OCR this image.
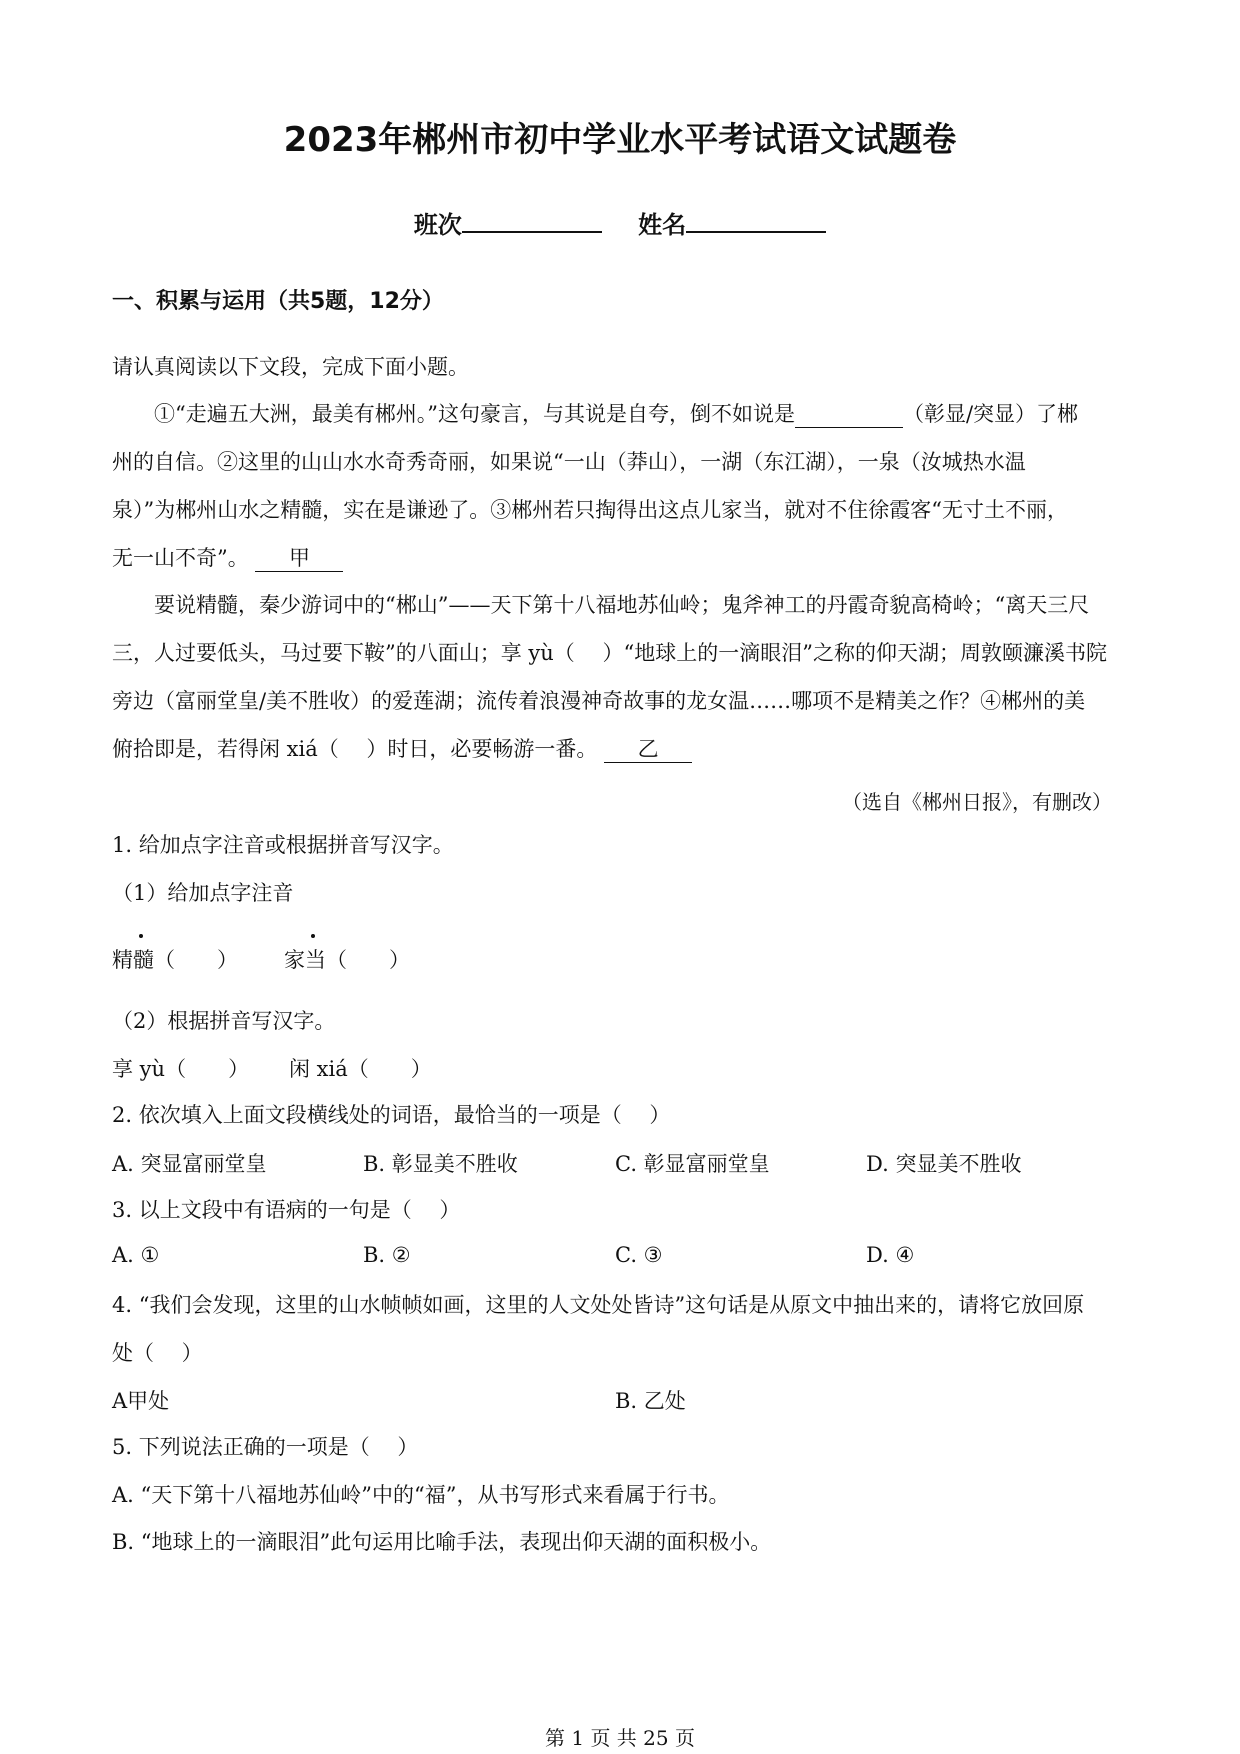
2023年郴州市初中学业水平考试语文试题卷
班次	姓名
一、积累与运用（共5题，12分）
请认真阅读以下文段，完成下面小题。
①“走遍五大洲，最美有郴州。”这句豪言，与其说是自夸，倒不如说是	（彰显/突显）了郴
州的自信。②这里的山山水水奇秀奇丽，如果说“一山（莽山），一湖（东江湖），一泉（汝城热水温
泉）”为郴州山水之精髓，实在是谦逊了。③郴州若只掏得出这点儿家当，就对不住徐霞客“无寸土不丽，
无一山不奇”。 甲
要说精髓，秦少游词中的“郴山”——天下第十八福地苏仙岭；鬼斧神工的丹霞奇貌高椅岭；“离天三尺
三，人过要低头，马过要下鞍”的八面山；享 yù（　 ）“地球上的一滴眼泪”之称的仰天湖；周敦颐濂溪书院
旁边（富丽堂皇/美不胜收）的爱莲湖；流传着浪漫神奇故事的龙女温……哪项不是精美之作？④郴州的美
俯拾即是，若得闲 xiá（　 ）时日，必要畅游一番。 乙
（选自《郴州日报》，有删改）
1. 给加点字注音或根据拼音写汉字。
（1）给加点字注音
精髓（　　） 家当（　　）
（2）根据拼音写汉字。
享 yù（　　） 闲 xiá（　　）
2. 依次填入上面文段横线处的词语，最恰当的一项是（　 ）
A. 突显富丽堂皇	B. 彰显美不胜收	C. 彰显富丽堂皇	D. 突显美不胜收
3. 以上文段中有语病的一句是（　 ）
A. ①	B. ②	C. ③	D. ④
4. “我们会发现，这里的山水帧帧如画，这里的人文处处皆诗”这句话是从原文中抽出来的，请将它放回原
处（　 ）
A甲处	B. 乙处
5. 下列说法正确的一项是（　 ）
A. “天下第十八福地苏仙岭”中的“福”，从书写形式来看属于行书。
B. “地球上的一滴眼泪”此句运用比喻手法，表现出仰天湖的面积极小。
第 1 页 共 25 页
